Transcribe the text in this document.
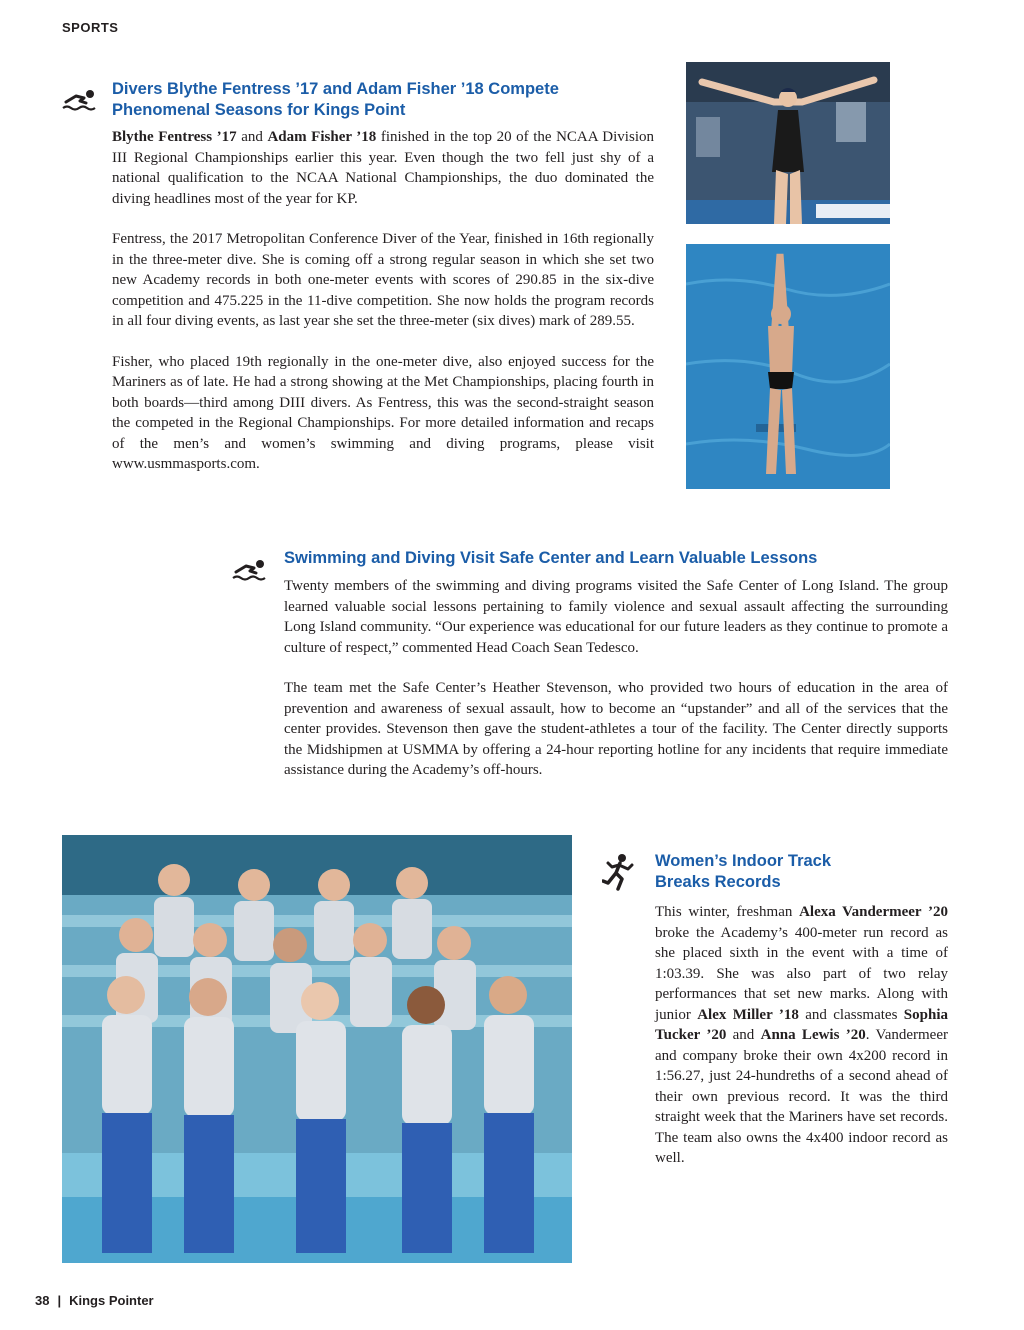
SPORTS
Divers Blythe Fentress ’17 and Adam Fisher ’18 Compete Phenomenal Seasons for Kings Point

Blythe Fentress ’17 and Adam Fisher ’18 finished in the top 20 of the NCAA Division III Regional Championships earlier this year. Even though the two fell just shy of a national qualification to the NCAA National Championships, the duo dominated the diving headlines most of the year for KP.

Fentress, the 2017 Metropolitan Conference Diver of the Year, finished in 16th regionally in the three-meter dive. She is coming off a strong regular season in which she set two new Academy records in both one-meter events with scores of 290.85 in the six-dive competition and 475.225 in the 11-dive competition. She now holds the program records in all four diving events, as last year she set the three-meter (six dives) mark of 289.55.

Fisher, who placed 19th regionally in the one-meter dive, also enjoyed success for the Mariners as of late. He had a strong showing at the Met Championships, placing fourth in both boards—third among DIII divers. As Fentress, this was the second-straight season the competed in the Regional Championships. For more detailed information and recaps of the men’s and women’s swimming and diving programs, please visit www.usmmasports.com.

Swimming and Diving Visit Safe Center and Learn Valuable Lessons

Twenty members of the swimming and diving programs visited the Safe Center of Long Island. The group learned valuable social lessons pertaining to family violence and sexual assault affecting the surrounding Long Island community. “Our experience was educational for our future leaders as they continue to promote a culture of respect,” commented Head Coach Sean Tedesco.

The team met the Safe Center’s Heather Stevenson, who provided two hours of education in the area of prevention and awareness of sexual assault, how to become an “upstander” and all of the services that the center provides. Stevenson then gave the student-athletes a tour of the facility. The Center directly supports the Midshipmen at USMMA by offering a 24-hour reporting hotline for any incidents that require immediate assistance during the Academy’s off-hours.

Women’s Indoor Track Breaks Records

This winter, freshman Alexa Vandermeer ’20 broke the Academy’s 400-meter run record as she placed sixth in the event with a time of 1:03.39. She was also part of two relay performances that set new marks. Along with junior Alex Miller ’18 and classmates Sophia Tucker ’20 and Anna Lewis ’20. Vandermeer and company broke their own 4x200 record in 1:56.27, just 24-hundreths of a second ahead of their own previous record. It was the third straight week that the Mariners have set records. The team also owns the 4x400 indoor record as well.

38 | Kings Pointer
